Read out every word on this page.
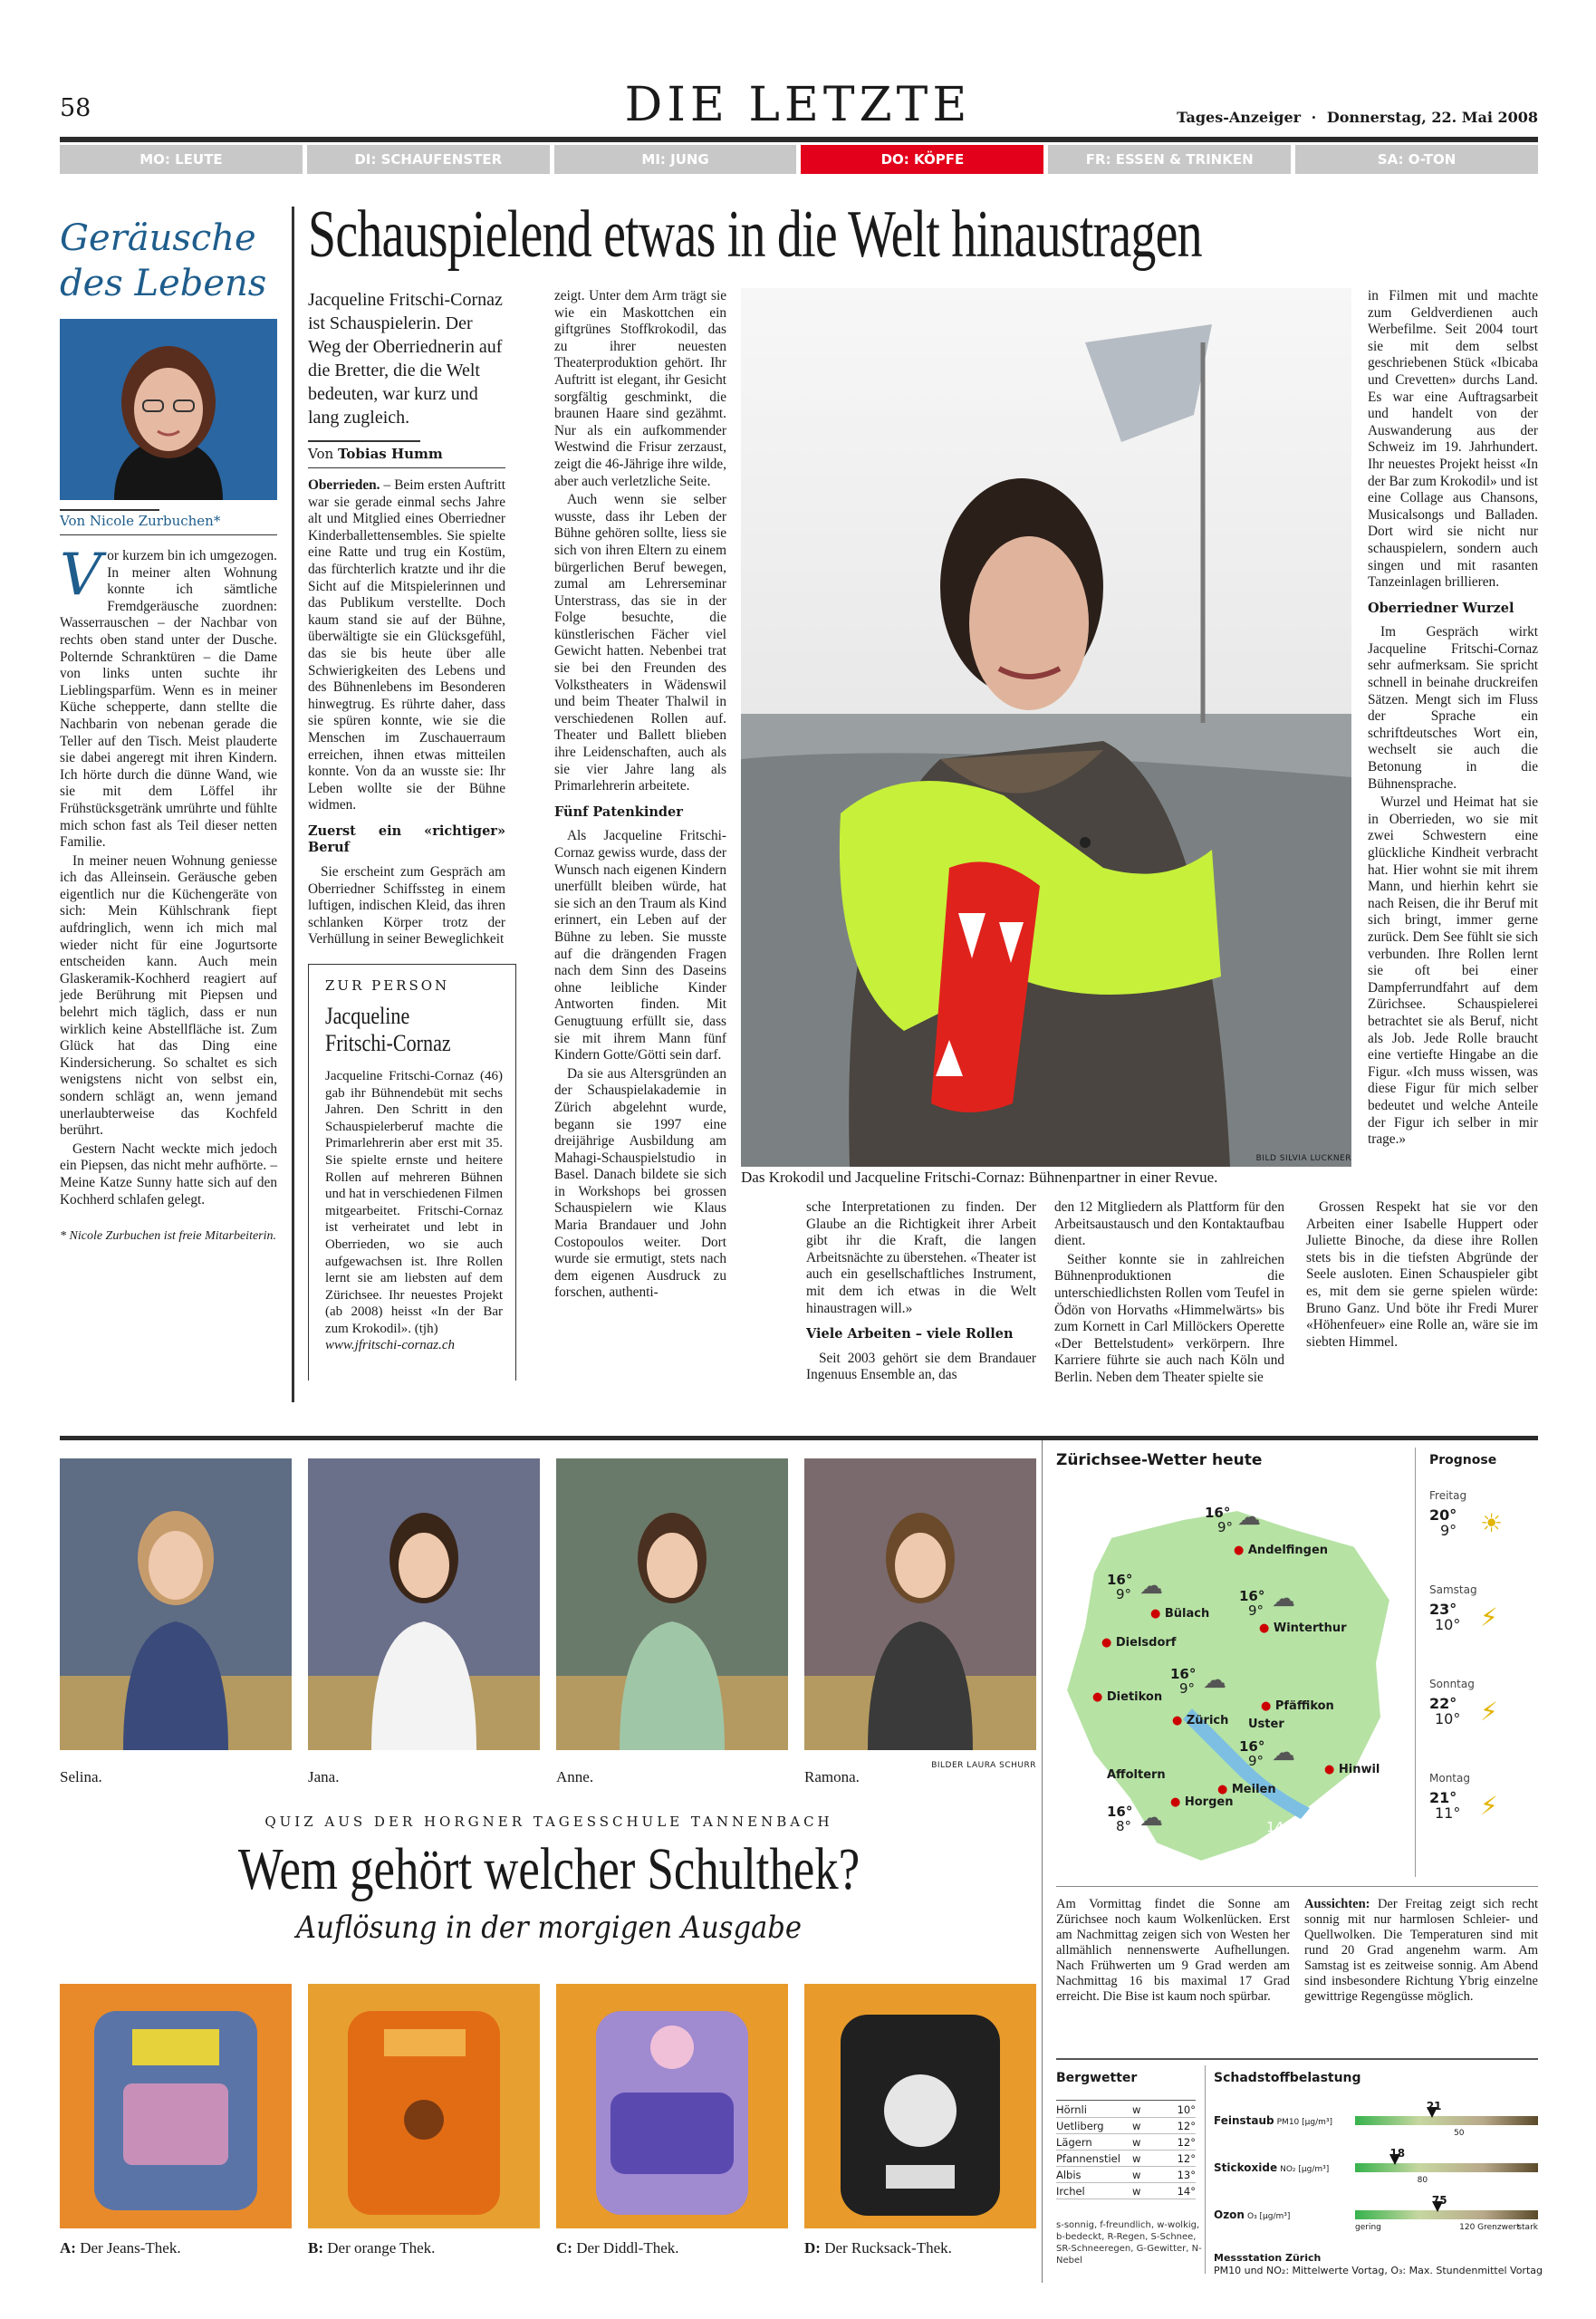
58	DIE LETZTE	Tages-Anzeiger · Donnerstag, 22. Mai 2008
MO: LEUTE	DI: SCHAUFENSTER	MI: JUNG	DO: KÖPFE	FR: ESSEN & TRINKEN	SA: O-TON
Geräusche
des Lebens
Von Nicole Zurbuchen*

Vor kurzem bin ich umgezogen. In meiner alten Wohnung konnte ich sämtliche Fremdgeräusche zuordnen: Wasserrauschen – der Nachbar von rechts oben stand unter der Dusche. Polternde Schranktüren – die Dame von links unten suchte ihr Lieblingsparfüm. Wenn es in meiner Küche schepperte, dann stellte die Nachbarin von nebenan gerade die Teller auf den Tisch. Meist plauderte sie dabei angeregt mit ihren Kindern. Ich hörte durch die dünne Wand, wie sie mit dem Löffel ihr Frühstücksgetränk umrührte und fühlte mich schon fast als Teil dieser netten Familie.

In meiner neuen Wohnung geniesse ich das Alleinsein. Geräusche geben eigentlich nur die Küchengeräte von sich: Mein Kühlschrank fiept aufdringlich, wenn ich mich mal wieder nicht für eine Jogurtsorte entscheiden kann. Auch mein Glaskeramik-Kochherd reagiert auf jede Berührung mit Piepsen und belehrt mich täglich, dass er nun wirklich keine Abstellfläche ist. Zum Glück hat das Ding eine Kindersicherung. So schaltet es sich wenigstens nicht von selbst ein, sondern schlägt an, wenn jemand unerlaubterweise das Kochfeld berührt.

Gestern Nacht weckte mich jedoch ein Piepsen, das nicht mehr aufhörte. – Meine Katze Sunny hatte sich auf den Kochherd schlafen gelegt.

* Nicole Zurbuchen ist freie Mitarbeiterin.
Schauspielend etwas in die Welt hinaustragen
Jacqueline Fritschi-Cornaz ist Schauspielerin. Der Weg der Oberriednerin auf die Bretter, die die Welt bedeuten, war kurz und lang zugleich.
Von Tobias Humm

Oberrieden. – Beim ersten Auftritt war sie gerade einmal sechs Jahre alt und Mitglied eines Oberriedner Kinderballettensembles. Sie spielte eine Ratte und trug ein Kostüm, das fürchterlich kratzte und ihr die Sicht auf die Mitspielerinnen und das Publikum verstellte. Doch kaum stand sie auf der Bühne, überwältigte sie ein Glücksgefühl, das sie bis heute über alle Schwierigkeiten des Lebens und des Bühnenlebens im Besonderen hinwegtrug. Es rührte daher, dass sie spüren konnte, wie sie die Menschen im Zuschauerraum erreichen, ihnen etwas mitteilen konnte. Von da an wusste sie: Ihr Leben wollte sie der Bühne widmen.

Zuerst ein «richtiger» Beruf

Sie erscheint zum Gespräch am Oberriedner Schiffssteg in einem luftigen, indischen Kleid, das ihren schlanken Körper trotz der Verhüllung in seiner Beweglichkeit

ZUR PERSON
Jacqueline
Fritschi-Cornaz
Jacqueline Fritschi-Cornaz (46) gab ihr Bühnendebüt mit sechs Jahren. Den Schritt in den Schauspielerberuf machte die Primarlehrerin aber erst mit 35. Sie spielte ernste und heitere Rollen auf mehreren Bühnen und hat in verschiedenen Filmen mitgearbeitet. Fritschi-Cornaz ist verheiratet und lebt in Oberrieden, wo sie auch aufgewachsen ist. Ihre Rollen lernt sie am liebsten auf dem Zürichsee. Ihr neuestes Projekt (ab 2008) heisst «In der Bar zum Krokodil». (tjh)
www.jfritschi-cornaz.ch

zeigt. Unter dem Arm trägt sie wie ein Maskottchen ein giftgrünes Stoffkrokodil, das zu ihrer neuesten Theaterproduktion gehört. Ihr Auftritt ist elegant, ihr Gesicht sorgfältig geschminkt, die braunen Haare sind gezähmt. Nur als ein aufkommender Westwind die Frisur zerzaust, zeigt die 46-Jährige ihre wilde, aber auch verletzliche Seite.

Auch wenn sie selber wusste, dass ihr Leben der Bühne gehören sollte, liess sie sich von ihren Eltern zu einem bürgerlichen Beruf bewegen, zumal am Lehrerseminar Unterstrass, das sie in der Folge besuchte, die künstlerischen Fächer viel Gewicht hatten. Nebenbei trat sie bei den Freunden des Volkstheaters in Wädenswil und beim Theater Thalwil in verschiedenen Rollen auf. Theater und Ballett blieben ihre Leidenschaften, auch als sie vier Jahre lang als Primarlehrerin arbeitete.

Fünf Patenkinder

Als Jacqueline Fritschi-Cornaz gewiss wurde, dass der Wunsch nach eigenen Kindern unerfüllt bleiben würde, hat sie sich an den Traum als Kind erinnert, ein Leben auf der Bühne zu leben. Sie musste auf die drängenden Fragen nach dem Sinn des Daseins ohne leibliche Kinder Antworten finden. Mit Genugtuung erfüllt sie, dass sie mit ihrem Mann fünf Kindern Gotte/Götti sein darf.

Da sie aus Altersgründen an der Schauspielakademie in Zürich abgelehnt wurde, begann sie 1997 eine dreijährige Ausbildung am Mahagi-Schauspielstudio in Basel. Danach bildete sie sich in Workshops bei grossen Schauspielern wie Klaus Maria Brandauer und John Costopoulos weiter. Dort wurde sie ermutigt, stets nach dem eigenen Ausdruck zu forschen, authenti-

BILD SILVIA LUCKNER
Das Krokodil und Jacqueline Fritschi-Cornaz: Bühnenpartner in einer Revue.

sche Interpretationen zu finden. Der Glaube an die Richtigkeit ihrer Arbeit gibt ihr die Kraft, die langen Arbeitsnächte zu überstehen. «Theater ist auch ein gesellschaftliches Instrument, mit dem ich etwas in die Welt hinaustragen will.»

Viele Arbeiten – viele Rollen

Seit 2003 gehört sie dem Brandauer Ingenuus Ensemble an, das

den 12 Mitgliedern als Plattform für den Arbeitsaustausch und den Kontaktaufbau dient.

Seither konnte sie in zahlreichen Bühnenproduktionen die unterschiedlichsten Rollen vom Teufel in Ödön von Horvaths «Himmelwärts» bis zum Kornett in Carl Millöckers Operette «Der Bettelstudent» verkörpern. Ihre Karriere führte sie auch nach Köln und Berlin. Neben dem Theater spielte sie

in Filmen mit und machte zum Geldverdienen auch Werbefilme. Seit 2004 tourt sie mit dem selbst geschriebenen Stück «Ibicaba und Crevetten» durchs Land. Es war eine Auftragsarbeit und handelt von der Auswanderung aus der Schweiz im 19. Jahrhundert. Ihr neuestes Projekt heisst «In der Bar zum Krokodil» und ist eine Collage aus Chansons, Musicalsongs und Balladen. Dort wird sie nicht nur schauspielern, sondern auch singen und mit rasanten Tanzeinlagen brillieren.

Oberriedner Wurzel

Im Gespräch wirkt Jacqueline Fritschi-Cornaz sehr aufmerksam. Sie spricht schnell in beinahe druckreifen Sätzen. Mengt sich im Fluss der Sprache ein schriftdeutsches Wort ein, wechselt sie auch die Betonung in die Bühnensprache.

Wurzel und Heimat hat sie in Oberrieden, wo sie mit zwei Schwestern eine glückliche Kindheit verbracht hat. Hier wohnt sie mit ihrem Mann, und hierhin kehrt sie nach Reisen, die ihr Beruf mit sich bringt, immer gerne zurück. Dem See fühlt sie sich verbunden. Ihre Rollen lernt sie oft bei einer Dampferrundfahrt auf dem Zürichsee. Schauspielerei betrachtet sie als Beruf, nicht als Job. Jede Rolle braucht eine vertiefte Hingabe an die Figur. «Ich muss wissen, was diese Figur für mich selber bedeutet und welche Anteile der Figur ich selber in mir trage.»

Grossen Respekt hat sie vor den Arbeiten einer Isabelle Huppert oder Juliette Binoche, da diese ihre Rollen stets bis in die tiefsten Abgründe der Seele ausloten. Einen Schauspieler gibt es, mit dem sie gerne spielen würde: Bruno Ganz. Und böte ihr Fredi Murer «Höhenfeuer» eine Rolle an, wäre sie im siebten Himmel.

Selina.	Jana.	Anne.	Ramona.
BILDER LAURA SCHURR
QUIZ AUS DER HORGNER TAGESSCHULE TANNENBACH
Wem gehört welcher Schulthek?
Auflösung in der morgigen Ausgabe
A: Der Jeans-Thek.	B: Der orange Thek.	C: Der Diddl-Thek.	D: Der Rucksack-Thek.
Zürichsee-Wetter heute	Prognose
● Andelfingen
● Bülach
● Winterthur
● Dielsdorf
● Dietikon
● Zürich
● Pfäffikon
Uster
● Hinwil
Affoltern
● Meilen
● Horgen
16°
9° ☁
16°
9° ☁	16°
9° ☁
16°
9° ☁
16°
9° ☁
16°
8° ☁	14°
Freitag
20°
9° ☀
Samstag
23°
10° ⚡
Sonntag
22°
10° ⚡
Montag
21°
11° ⚡
Am Vormittag findet die Sonne am Zürichsee noch kaum Wolkenlücken. Erst am Nachmittag zeigen sich von Westen her allmählich nennenswerte Aufhellungen. Nach Frühwerten um 9 Grad werden am Nachmittag 16 bis maximal 17 Grad erreicht. Die Bise ist kaum noch spürbar.
Aussichten: Der Freitag zeigt sich recht sonnig mit nur harmlosen Schleier- und Quellwolken. Die Temperaturen sind mit rund 20 Grad angenehm warm. Am Samstag ist es zeitweise sonnig. Am Abend sind insbesondere Richtung Ybrig einzelne gewittrige Regengüsse möglich.
Bergwetter
Hörnli	w	10°
Uetliberg	w	12°
Lägern	w	12°
Pfannenstiel	w	12°
Albis	w	13°
Irchel	w	14°
s-sonnig, f-freundlich, w-wolkig, b-bedeckt, R-Regen, S-Schnee, SR-Schneeregen, G-Gewitter, N-Nebel
Schadstoffbelastung
Feinstaub PM10 [µg/m³]
21
50
Stickoxide NO₂ [µg/m³]
18
80
Ozon O₃ [µg/m³]
75
120 Grenzwert
gering	stark
Messstation Zürich
PM10 und NO₂: Mittelwerte Vortag, O₃: Max. Stundenmittel Vortag
